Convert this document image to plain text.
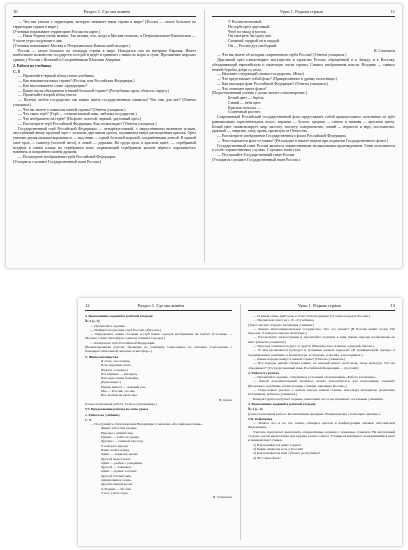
10	Раздел 1. Где мы живём

— Что мы узнали о территории, которую занимает наша страна в мире? (Россия — самое большое по территории страна в мире.)

(Ученики показывают территорию России на карте.)

— Наша Родина очень велика. Так велика, что, когда в Москве полночь, в Петропавловске-Камчатском — 9 часов утра следующего дня.

(Ученики показывают Москву и Петропавловск-Камчатский на карте.)

Россия — самое большое по площади страна в мире. Находится она на материке Евразия. Имеет наибольшее количество государств-соседей и ведёт в граничит с ними по морю и суше. Протяжение морских границ у России с Японией и Соединёнными Штатами Америки.

2. Работа по учебнику

С. 8

— Прочитайте первый абзац статьи учебника.

— Как называется наша страна? (Россия, или Российская Федерация.)

— Как вы понимаете слово «федерация»?

— Какие части объединены в нашей большой стране? (Республики, края, области, округа.)

— Прочитайте второй абзац текста.

— Почему любое государство так важно иметь государственные символы? Что они для неё? (Ответы учащихся.)

— Что вы знаете о символах нашей страны? (Ответы учащихся.)

— Что такое герб? (Герб — отличительный знак, эмблема государства.)

— Что изображено на гербе? (На фоне, золотой, черный, двуглавый орёл.)

— Рассмотрите герб Российской Федерации. Как он выглядит? (Ответы учащихся.)

Государственный герб Российской Федерации — четырёхугольный, с закруглёнными нижними углами, заострённый внизу красный щит с золотым двуглавым орлом, поднявшим вверх распущенные крылья. Орёл увенчан двумя малыми коронами и — над ними — одной большой короной, соединёнными лентой. В правой лапе орла — скипетр (золотой жезл), в левой — держава. На груди орла, в красном щите, — серебряный всадник в синем плаще на серебряном коне, поражающий серебряным копьём чёрного опрокинутого навзничь и попранного конём дракона.

— Посмотрите изображение герба Российской Федерации.

(Учащиеся слушают Государственный гимн России.)

Урок 1. Родная страна	11

У России величавой

На гербе орёл двуглавый,

Чтоб на запад и восток

Он смотреть бы сразу мог.

Сильный, мудрый он и гордый.

Он — России дух свободный.

В. Степанов

— Что вы знаете об истории современного герба России? (Ответы учащихся.)

Двуглавый орёл олицетворяет могущество и единство России, обращённой и к Западу, и к Востоку, объединяющей европейскую и азиатскую части страны. Символ изображения власти. Всадник — символ вечной борьбы добра со злом.

— Назовите следующий символ государства. (Флаг.)

— Что представляет собой флаг? (Прикреплённое к древку полотнище.)

— Как выглядит флаг Российской Федерации? (Ответы учащихся.)

— Что означают цвета флага?

(Подготовленный ученик у доски читает стихотворение.)

Белый цвет — берёза.

Синий — неба цвет.

Красная полоска —

Солнечный рассвет.

Современный Российский государственный флаг представляет собой прямоугольное полотнище из трёх равновеликих горизонтальных полос: верхняя — белого, средняя — синего и нижняя — красного цвета. Белый цвет символизирует мир, чистоту, чистоту, совершенство; синий — верность и веру, постоянство; красный — энергию, силу, кровь, пролитую за Отечество.

— Рассмотрите изображение Государственного флага Российской Федерации.

— Чем отличается флаг от гимна? (Не каждые в начале недели при поднятии Государственного флага.)

Государственный гимн России является торжественным музыкальным произведением. Гимн исполняется в особо торжественных случаях. Слушают гимн стоя.

— Послушайте Государственный гимн России.

(Учащиеся слушают Государственный гимн России.)

12	Раздел 1. Где мы живём

3. Выполнение заданий в рабочей тетради

№ 3 (с. 4)

— Прочитайте задание.

— Найдите на рисунке герб России. (Рисунок.)

— Определите, какие столицы и герб каких городов изображены на гербах. (Столицы — Москва, Санкт-Петербург, один из главных городов.)

— Раскрасьте герб Российской Федерации.

(Взаимопроверка работы. Проверка по учебнику. Самооценка по обложке. Самооценка с помощью сигнальной окраски «Светофор».)

V. Физкультминутка

Я стою, ты стоишь,

Есть игрушки спою.

(Руки в стороны.)

И в тишине — ни звука,

Как одна семья большая,

(Руки вверх.)

Рядом, вместе — каждый раз,

Мы — Россия, это мы.

Все любим на свете мы.

В. Орлов

(Самостоятельная работа. Устное упражнение.)

VI. Продолжение работы по теме урока

1. Работа по учебнику

С. 9

— Послушайте стихотворение Владимира Степанова «Российская семья».

Живут в России разные

Народы с давних пор.

Одним — тайга по нраву,

Другим — степной простор.

У каждого народа

Язык свой и наряд.

Один — черкеску носит,

Другой надел халат.

Один — рыбак с рождения,

Другой — оленевод.

Один — кумыс готовит,

Другой готовит мёд.

Одним милее осень,

Другим милей весна.

А Родина — Россия

У нас у всех одна.

В. Степанов

Урок 1. Родная страна	13

— О какой семье идёт речь в этом стихотворении? (О семье народов России.)

— Прочитаем текст на с. 8—9 учебника.

(Текст читают хорошо читающие ученики.)

— Каково многонациональное государство. Что это значит? (В России живёт более 190 народов. У каждого народа свой язык.)

— Рассмотрите иллюстрации и прочитайте подписи к ним. Какие народы изображены на них? (Ответы учащихся.)

— Чем они отличаются друг от друга? (Внешностью, языком, одеждой, бытом.)

— В чём проявляется культура и традиции разных народов? (В традиционной одежде, в традиционных занятиях, в архитектуре, в обычаях, в песнях, в праздниках.)

— Какие народы живут в нашей стране? (Ответы учащихся.)

— Все народы нашей страны равны, но каждый имеет свой язык, свою культуру. Что их объединяет? (Государственный язык Российской Федерации — русский.)

2. Работа в группах

— Прочитайте задание, отмеченное условным обозначением «Работа в команде».

— Какой дополнительный материал может понадобиться для выполнения задания? (Возможно, картинки, иллюстрации, словари «Древние России».)

— Подготовьте рассказ о любом народе нашей страны, используя материалы различных источников. (Ответы учащихся.)

Каждая группа получает задание, выполняет его и рассказывает остальным ученикам.

3. Выполнение заданий в рабочей тетради

№ 3 (с. 4)

(Самостоятельная работа. Коллективная проверка. Взаимооценка с помощью «вилки».)

VII. Рефлексия

— Ребята, кто и во что понял, обведите цветом в конфигурации значков «Российской Федерации».

Учитель предлагает выполнить определённые задания с помощью стикеров. На внутренней стороне доски нарисованы три кружка разного цвета. Учащиеся выбирают понравившийся цвет и прикрепляют стикер.

1) Как называется наша страна?

2) Какие символы есть у России?

3) Как называется наш субъект, республика?

4) Что такое флаг?
